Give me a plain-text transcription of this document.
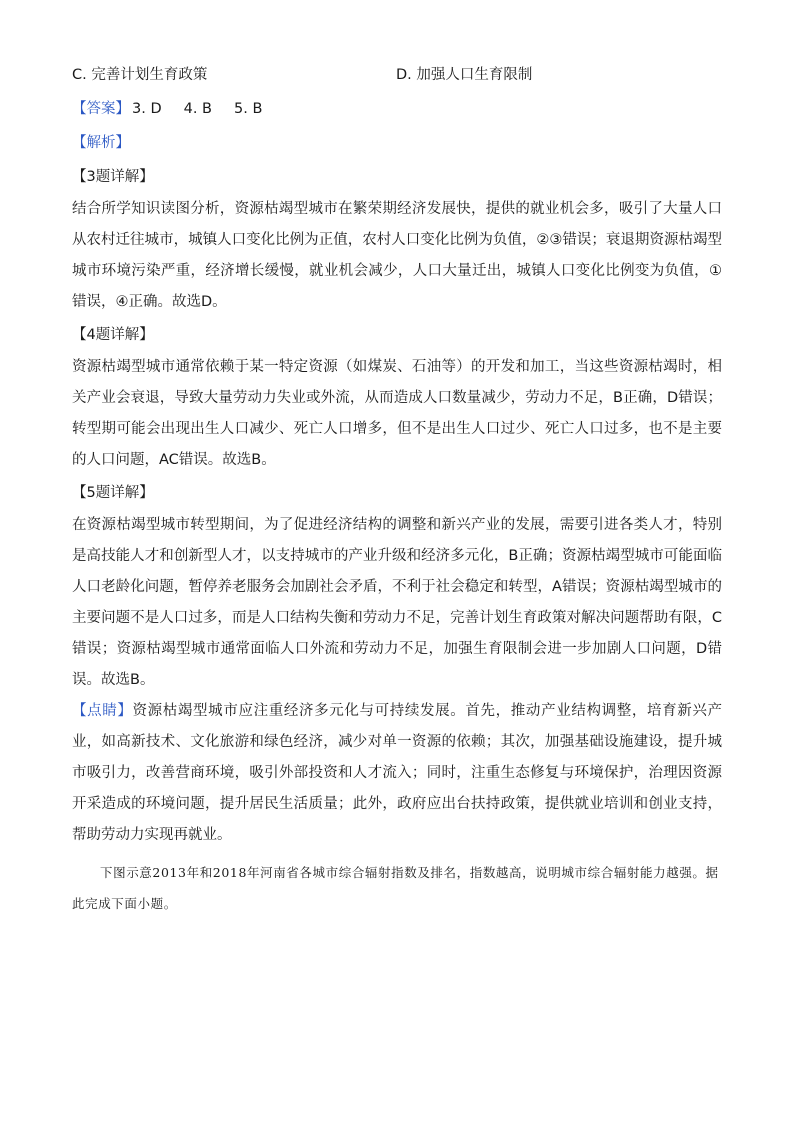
C. 完善计划生育政策	D. 加强人口生育限制
【答案】 3. D 4. B 5. B
【解析】
【3题详解】

结合所学知识读图分析，资源枯竭型城市在繁荣期经济发展快，提供的就业机会多，吸引了大量人口从农村迁往城市，城镇人口变化比例为正值，农村人口变化比例为负值，②③错误；衰退期资源枯竭型城市环境污染严重，经济增长缓慢，就业机会减少，人口大量迁出，城镇人口变化比例变为负值，①错误，④正确。故选D。

【4题详解】

资源枯竭型城市通常依赖于某一特定资源（如煤炭、石油等）的开发和加工，当这些资源枯竭时，相关产业会衰退，导致大量劳动力失业或外流，从而造成人口数量减少，劳动力不足，B正确，D错误；转型期可能会出现出生人口减少、死亡人口增多，但不是出生人口过少、死亡人口过多，也不是主要的人口问题，AC错误。故选B。

【5题详解】

在资源枯竭型城市转型期间，为了促进经济结构的调整和新兴产业的发展，需要引进各类人才，特别是高技能人才和创新型人才，以支持城市的产业升级和经济多元化，B正确；资源枯竭型城市可能面临人口老龄化问题，暂停养老服务会加剧社会矛盾，不利于社会稳定和转型，A错误；资源枯竭型城市的主要问题不是人口过多，而是人口结构失衡和劳动力不足，完善计划生育政策对解决问题帮助有限，C错误；资源枯竭型城市通常面临人口外流和劳动力不足，加强生育限制会进一步加剧人口问题，D错误。故选B。

【点睛】资源枯竭型城市应注重经济多元化与可持续发展。首先，推动产业结构调整，培育新兴产业，如高新技术、文化旅游和绿色经济，减少对单一资源的依赖；其次，加强基础设施建设，提升城市吸引力，改善营商环境，吸引外部投资和人才流入；同时，注重生态修复与环境保护，治理因资源开采造成的环境问题，提升居民生活质量；此外，政府应出台扶持政策，提供就业培训和创业支持，帮助劳动力实现再就业。

下图示意2013年和2018年河南省各城市综合辐射指数及排名，指数越高，说明城市综合辐射能力越强。据此完成下面小题。
